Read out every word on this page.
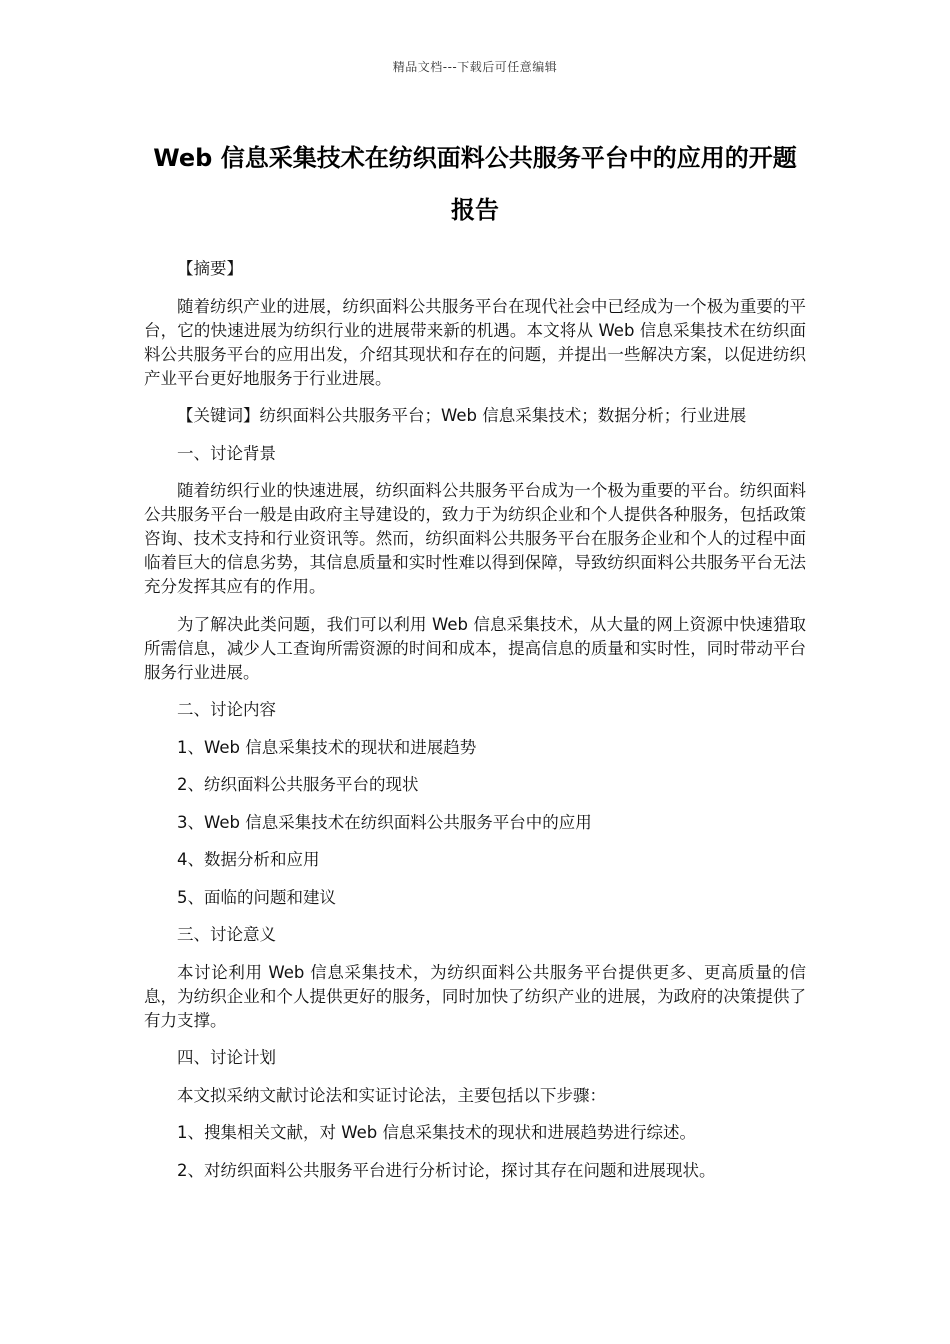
精品文档---下载后可任意编辑
Web 信息采集技术在纺织面料公共服务平台中的应用的开题报告

【摘要】

随着纺织产业的进展，纺织面料公共服务平台在现代社会中已经成为一个极为重要的平台，它的快速进展为纺织行业的进展带来新的机遇。本文将从 Web 信息采集技术在纺织面料公共服务平台的应用出发，介绍其现状和存在的问题，并提出一些解决方案，以促进纺织产业平台更好地服务于行业进展。

【关键词】纺织面料公共服务平台；Web 信息采集技术；数据分析；行业进展

一、讨论背景

随着纺织行业的快速进展，纺织面料公共服务平台成为一个极为重要的平台。纺织面料公共服务平台一般是由政府主导建设的，致力于为纺织企业和个人提供各种服务，包括政策咨询、技术支持和行业资讯等。然而，纺织面料公共服务平台在服务企业和个人的过程中面临着巨大的信息劣势，其信息质量和实时性难以得到保障，导致纺织面料公共服务平台无法充分发挥其应有的作用。

为了解决此类问题，我们可以利用 Web 信息采集技术，从大量的网上资源中快速猎取所需信息，减少人工查询所需资源的时间和成本，提高信息的质量和实时性，同时带动平台服务行业进展。

二、讨论内容

1、Web 信息采集技术的现状和进展趋势

2、纺织面料公共服务平台的现状

3、Web 信息采集技术在纺织面料公共服务平台中的应用

4、数据分析和应用

5、面临的问题和建议

三、讨论意义

本讨论利用 Web 信息采集技术，为纺织面料公共服务平台提供更多、更高质量的信息，为纺织企业和个人提供更好的服务，同时加快了纺织产业的进展，为政府的决策提供了有力支撑。

四、讨论计划

本文拟采纳文献讨论法和实证讨论法，主要包括以下步骤：

1、搜集相关文献，对 Web 信息采集技术的现状和进展趋势进行综述。

2、对纺织面料公共服务平台进行分析讨论，探讨其存在问题和进展现状。
